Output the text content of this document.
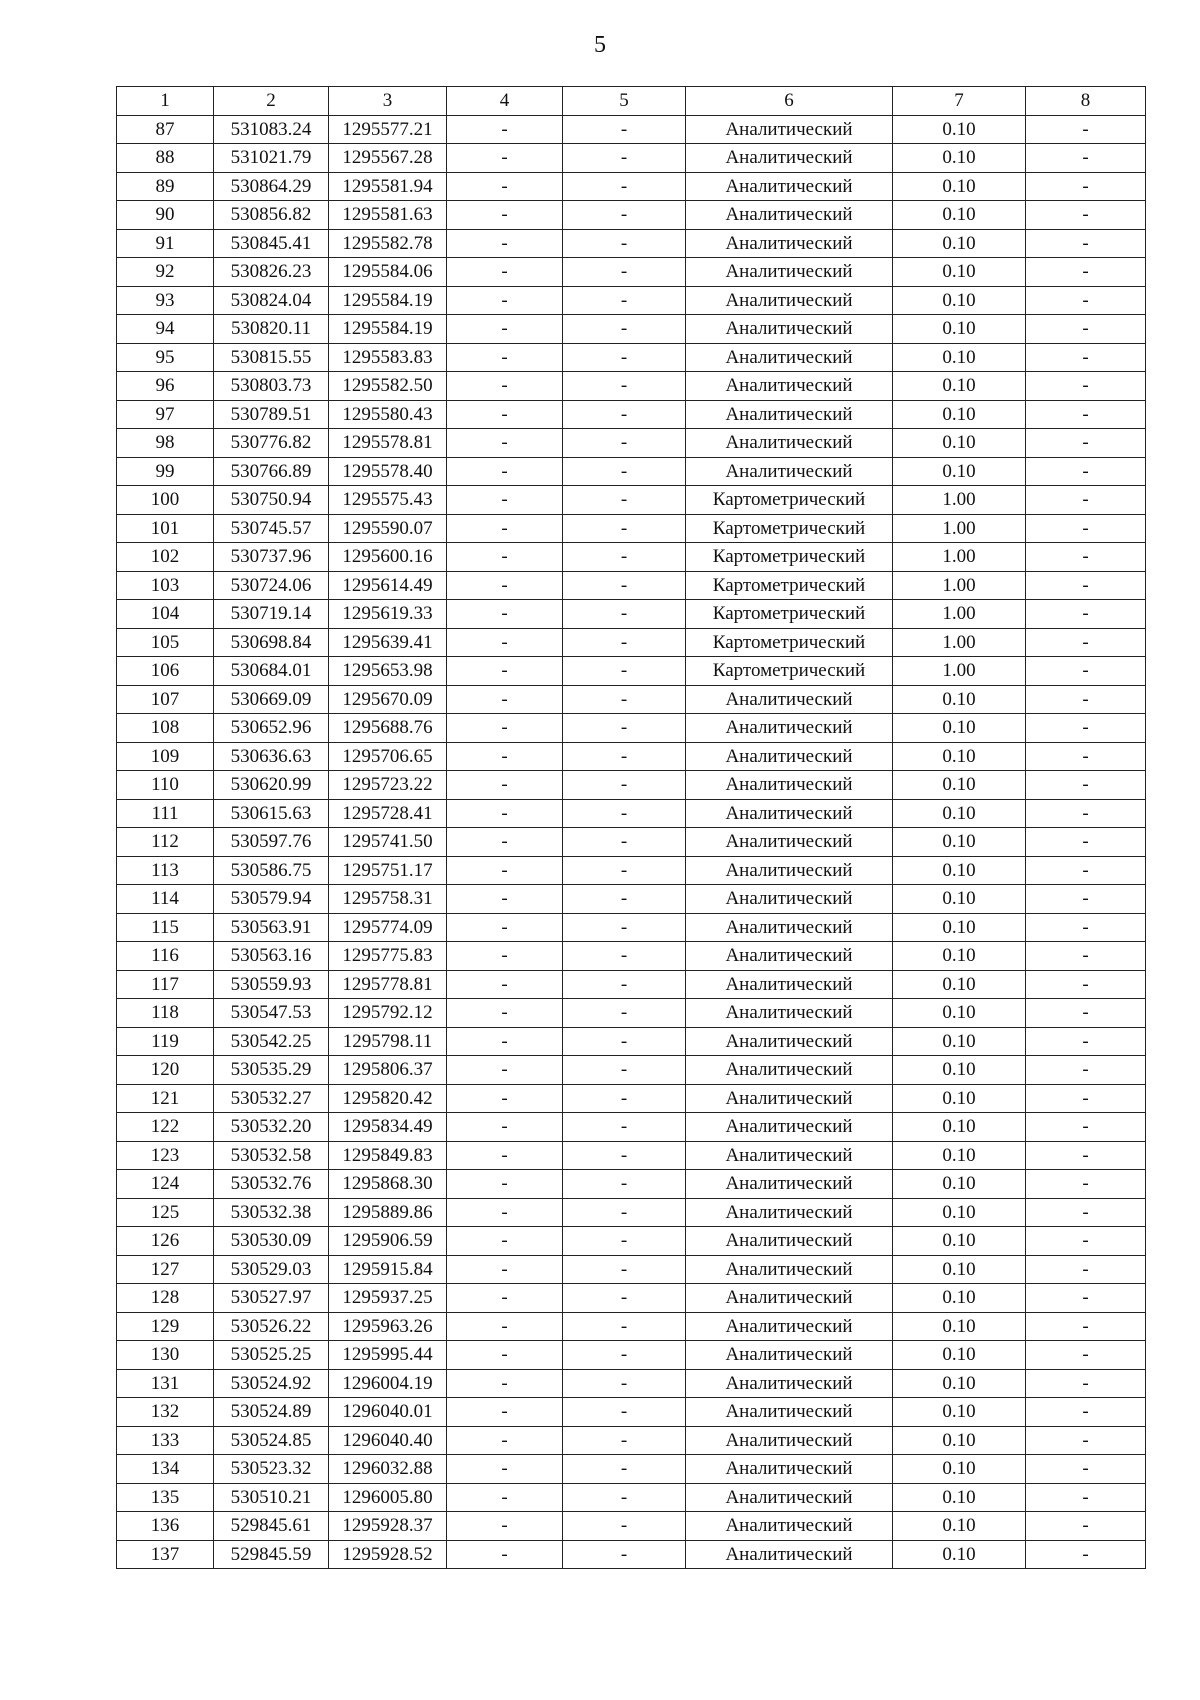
5
1	2	3	4	5	6	7	8
87	531083.24	1295577.21	-	-	Аналитический	0.10	-
88	531021.79	1295567.28	-	-	Аналитический	0.10	-
89	530864.29	1295581.94	-	-	Аналитический	0.10	-
90	530856.82	1295581.63	-	-	Аналитический	0.10	-
91	530845.41	1295582.78	-	-	Аналитический	0.10	-
92	530826.23	1295584.06	-	-	Аналитический	0.10	-
93	530824.04	1295584.19	-	-	Аналитический	0.10	-
94	530820.11	1295584.19	-	-	Аналитический	0.10	-
95	530815.55	1295583.83	-	-	Аналитический	0.10	-
96	530803.73	1295582.50	-	-	Аналитический	0.10	-
97	530789.51	1295580.43	-	-	Аналитический	0.10	-
98	530776.82	1295578.81	-	-	Аналитический	0.10	-
99	530766.89	1295578.40	-	-	Аналитический	0.10	-
100	530750.94	1295575.43	-	-	Картометрический	1.00	-
101	530745.57	1295590.07	-	-	Картометрический	1.00	-
102	530737.96	1295600.16	-	-	Картометрический	1.00	-
103	530724.06	1295614.49	-	-	Картометрический	1.00	-
104	530719.14	1295619.33	-	-	Картометрический	1.00	-
105	530698.84	1295639.41	-	-	Картометрический	1.00	-
106	530684.01	1295653.98	-	-	Картометрический	1.00	-
107	530669.09	1295670.09	-	-	Аналитический	0.10	-
108	530652.96	1295688.76	-	-	Аналитический	0.10	-
109	530636.63	1295706.65	-	-	Аналитический	0.10	-
110	530620.99	1295723.22	-	-	Аналитический	0.10	-
111	530615.63	1295728.41	-	-	Аналитический	0.10	-
112	530597.76	1295741.50	-	-	Аналитический	0.10	-
113	530586.75	1295751.17	-	-	Аналитический	0.10	-
114	530579.94	1295758.31	-	-	Аналитический	0.10	-
115	530563.91	1295774.09	-	-	Аналитический	0.10	-
116	530563.16	1295775.83	-	-	Аналитический	0.10	-
117	530559.93	1295778.81	-	-	Аналитический	0.10	-
118	530547.53	1295792.12	-	-	Аналитический	0.10	-
119	530542.25	1295798.11	-	-	Аналитический	0.10	-
120	530535.29	1295806.37	-	-	Аналитический	0.10	-
121	530532.27	1295820.42	-	-	Аналитический	0.10	-
122	530532.20	1295834.49	-	-	Аналитический	0.10	-
123	530532.58	1295849.83	-	-	Аналитический	0.10	-
124	530532.76	1295868.30	-	-	Аналитический	0.10	-
125	530532.38	1295889.86	-	-	Аналитический	0.10	-
126	530530.09	1295906.59	-	-	Аналитический	0.10	-
127	530529.03	1295915.84	-	-	Аналитический	0.10	-
128	530527.97	1295937.25	-	-	Аналитический	0.10	-
129	530526.22	1295963.26	-	-	Аналитический	0.10	-
130	530525.25	1295995.44	-	-	Аналитический	0.10	-
131	530524.92	1296004.19	-	-	Аналитический	0.10	-
132	530524.89	1296040.01	-	-	Аналитический	0.10	-
133	530524.85	1296040.40	-	-	Аналитический	0.10	-
134	530523.32	1296032.88	-	-	Аналитический	0.10	-
135	530510.21	1296005.80	-	-	Аналитический	0.10	-
136	529845.61	1295928.37	-	-	Аналитический	0.10	-
137	529845.59	1295928.52	-	-	Аналитический	0.10	-
